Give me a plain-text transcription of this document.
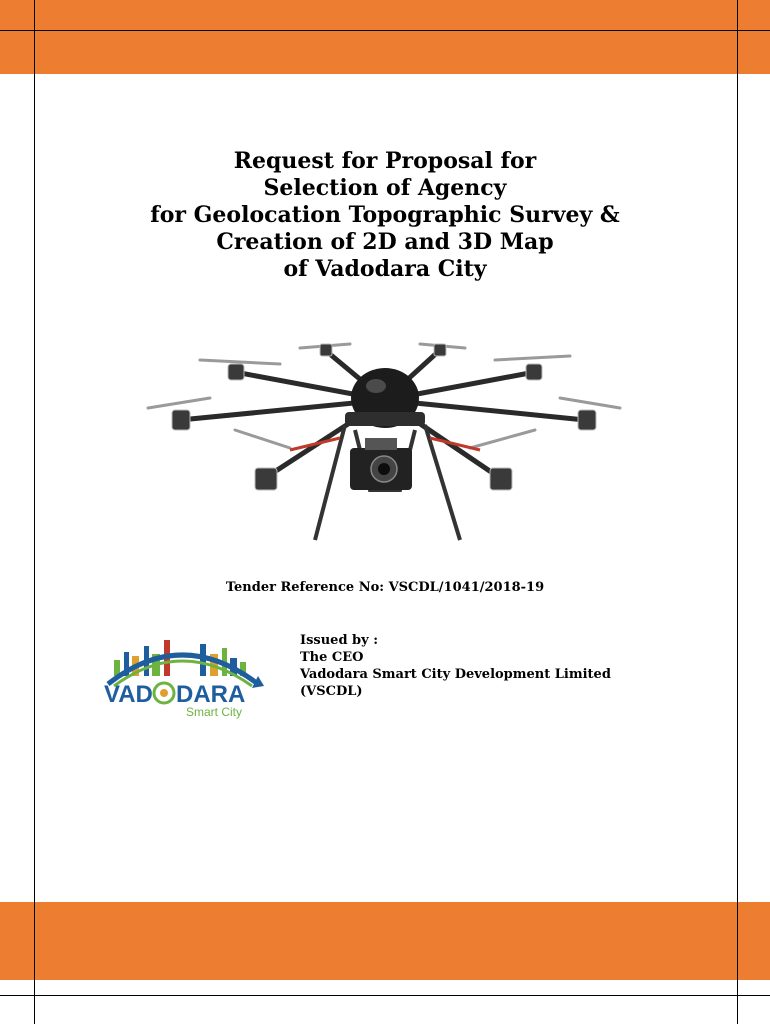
Request for Proposal for
Selection of Agency
for Geolocation Topographic Survey &
Creation of 2D and 3D Map
of Vadodara City
Tender Reference No: VSCDL/1041/2018-19
VAD DARA
Smart City
Issued by :
The CEO
Vadodara Smart City Development Limited
(VSCDL)
